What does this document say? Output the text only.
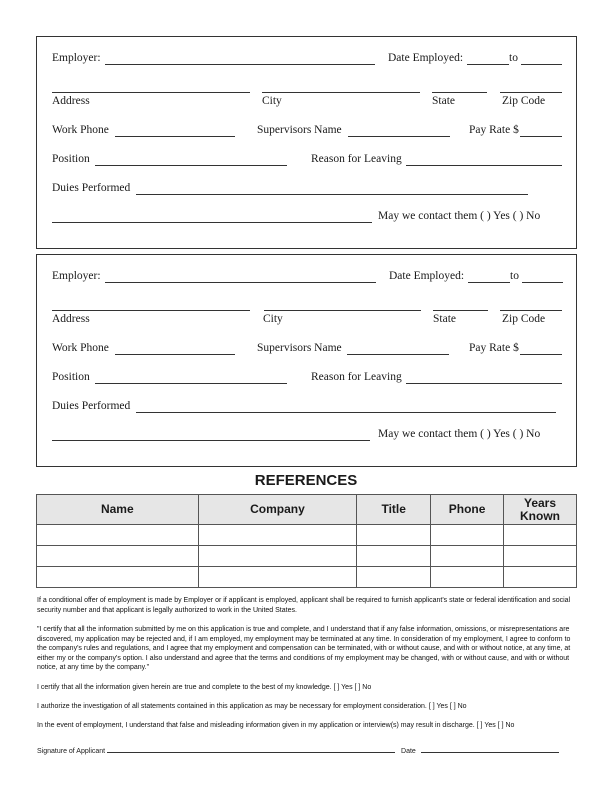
Employer:	Date Employed:	to
Address	City	State	Zip Code
Work Phone	Supervisors Name	Pay Rate $
Position	Reason for Leaving
Duies Performed
May we contact them ( ) Yes ( ) No
Employer:	Date Employed:	to
Address	City	State	Zip Code
Work Phone	Supervisors Name	Pay Rate $
Position	Reason for Leaving
Duies Performed
May we contact them ( ) Yes ( ) No
REFERENCES
Name	Company	Title	Phone	Years Known

If a conditional offer of employment is made by Employer or if applicant is employed, applicant shall be required to furnish applicant's state or federal identification and social security number and that applicant is legally authorized to work in the United States.

"I certify that all the information submitted by me on this application is true and complete, and I understand that if any false information, omissions, or misrepresentations are discovered, my application may be rejected and, if I am employed, my employment may be terminated at any time. In consideration of my employment, I agree to conform to the company's rules and regulations, and I agree that my employment and compensation can be terminated, with or without cause, and with or without notice, at any time, at either my or the company's option. I also understand and agree that the terms and conditions of my employment may be changed, with or without cause, and with or without notice, at any time by the company."

I certify that all the information given herein are true and complete to the best of my knowledge. [ ] Yes [ ] No

I authorize the investigation of all statements contained in this application as may be necessary for employment consideration. [ ] Yes [ ] No

In the event of employment, I understand that false and misleading information given in my application or interview(s) may result in discharge. [ ] Yes [ ] No

Signature of Applicant	Date
